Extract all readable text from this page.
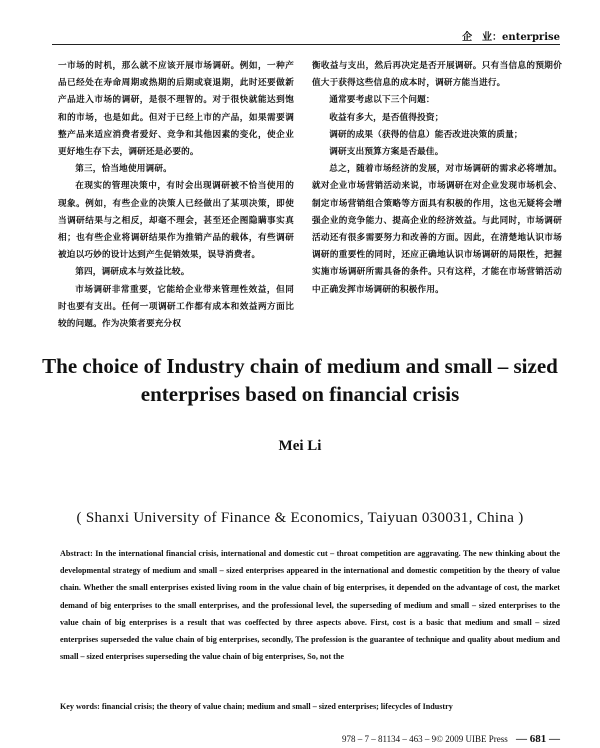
企　业：enterprise

一市场的时机，那么就不应该开展市场调研。例如，一种产品已经处在寿命周期或热期的后期或衰退期，此时还要做新产品进入市场的调研，是很不理智的。对于很快就能达到饱和的市场，也是如此。但对于已经上市的产品，如果需要调整产品来适应消费者爱好、竞争和其他因素的变化，使企业更好地生存下去，调研还是必要的。

第三，恰当地使用调研。

在现实的管理决策中，有时会出现调研被不恰当使用的现象。例如，有些企业的决策人已经做出了某项决策，即使当调研结果与之相反，却毫不理会，甚至还企图隐瞒事实真相；也有些企业将调研结果作为推销产品的载体，有些调研被迫以巧妙的设计达到产生促销效果，误导消费者。

第四，调研成本与效益比较。

市场调研非常重要，它能给企业带来管理性效益，但同时也要有支出。任何一项调研工作都有成本和效益两方面比较的问题。作为决策者要充分权

衡收益与支出，然后再决定是否开展调研。只有当信息的预期价值大于获得这些信息的成本时，调研方能当进行。

通常要考虑以下三个问题：

收益有多大，是否值得投资；

调研的成果（获得的信息）能否改进决策的质量；

调研支出预算方案是否最佳。

总之，随着市场经济的发展，对市场调研的需求必将增加。就对企业市场营销活动来说，市场调研在对企业发现市场机会、制定市场营销组合策略等方面具有积极的作用，这也无疑将会增强企业的竞争能力、提高企业的经济效益。与此同时，市场调研活动还有很多需要努力和改善的方面。因此，在清楚地认识市场调研的重要性的同时，还应正确地认识市场调研的局限性，把握实施市场调研所需具备的条件。只有这样，才能在市场营销活动中正确发挥市场调研的积极作用。

The choice of Industry chain of medium and small – sized enterprises based on financial crisis
Mei Li
( Shanxi University of Finance & Economics, Taiyuan 030031, China )

Abstract: In the international financial crisis, international and domestic cut – throat competition are aggravating. The new thinking about the developmental strategy of medium and small – sized enterprises appeared in the international and domestic competition by the theory of value chain. Whether the small enterprises existed living room in the value chain of big enterprises, it depended on the advantage of cost, the market demand of big enterprises to the small enterprises, and the professional level, the superseding of medium and small – sized enterprises to the value chain of big enterprises is a result that was coeffected by three aspects above. First, cost is a basic that medium and small – sized enterprises superseded the value chain of big enterprises, secondly, The profession is the guarantee of technique and quality about medium and small – sized enterprises superseding the value chain of big enterprises, So, not the

Key words: financial crisis; the theory of value chain; medium and small – sized enterprises; lifecycles of Industry
978 – 7 – 81134 – 463 – 9© 2009 UIBE Press — 681 —
